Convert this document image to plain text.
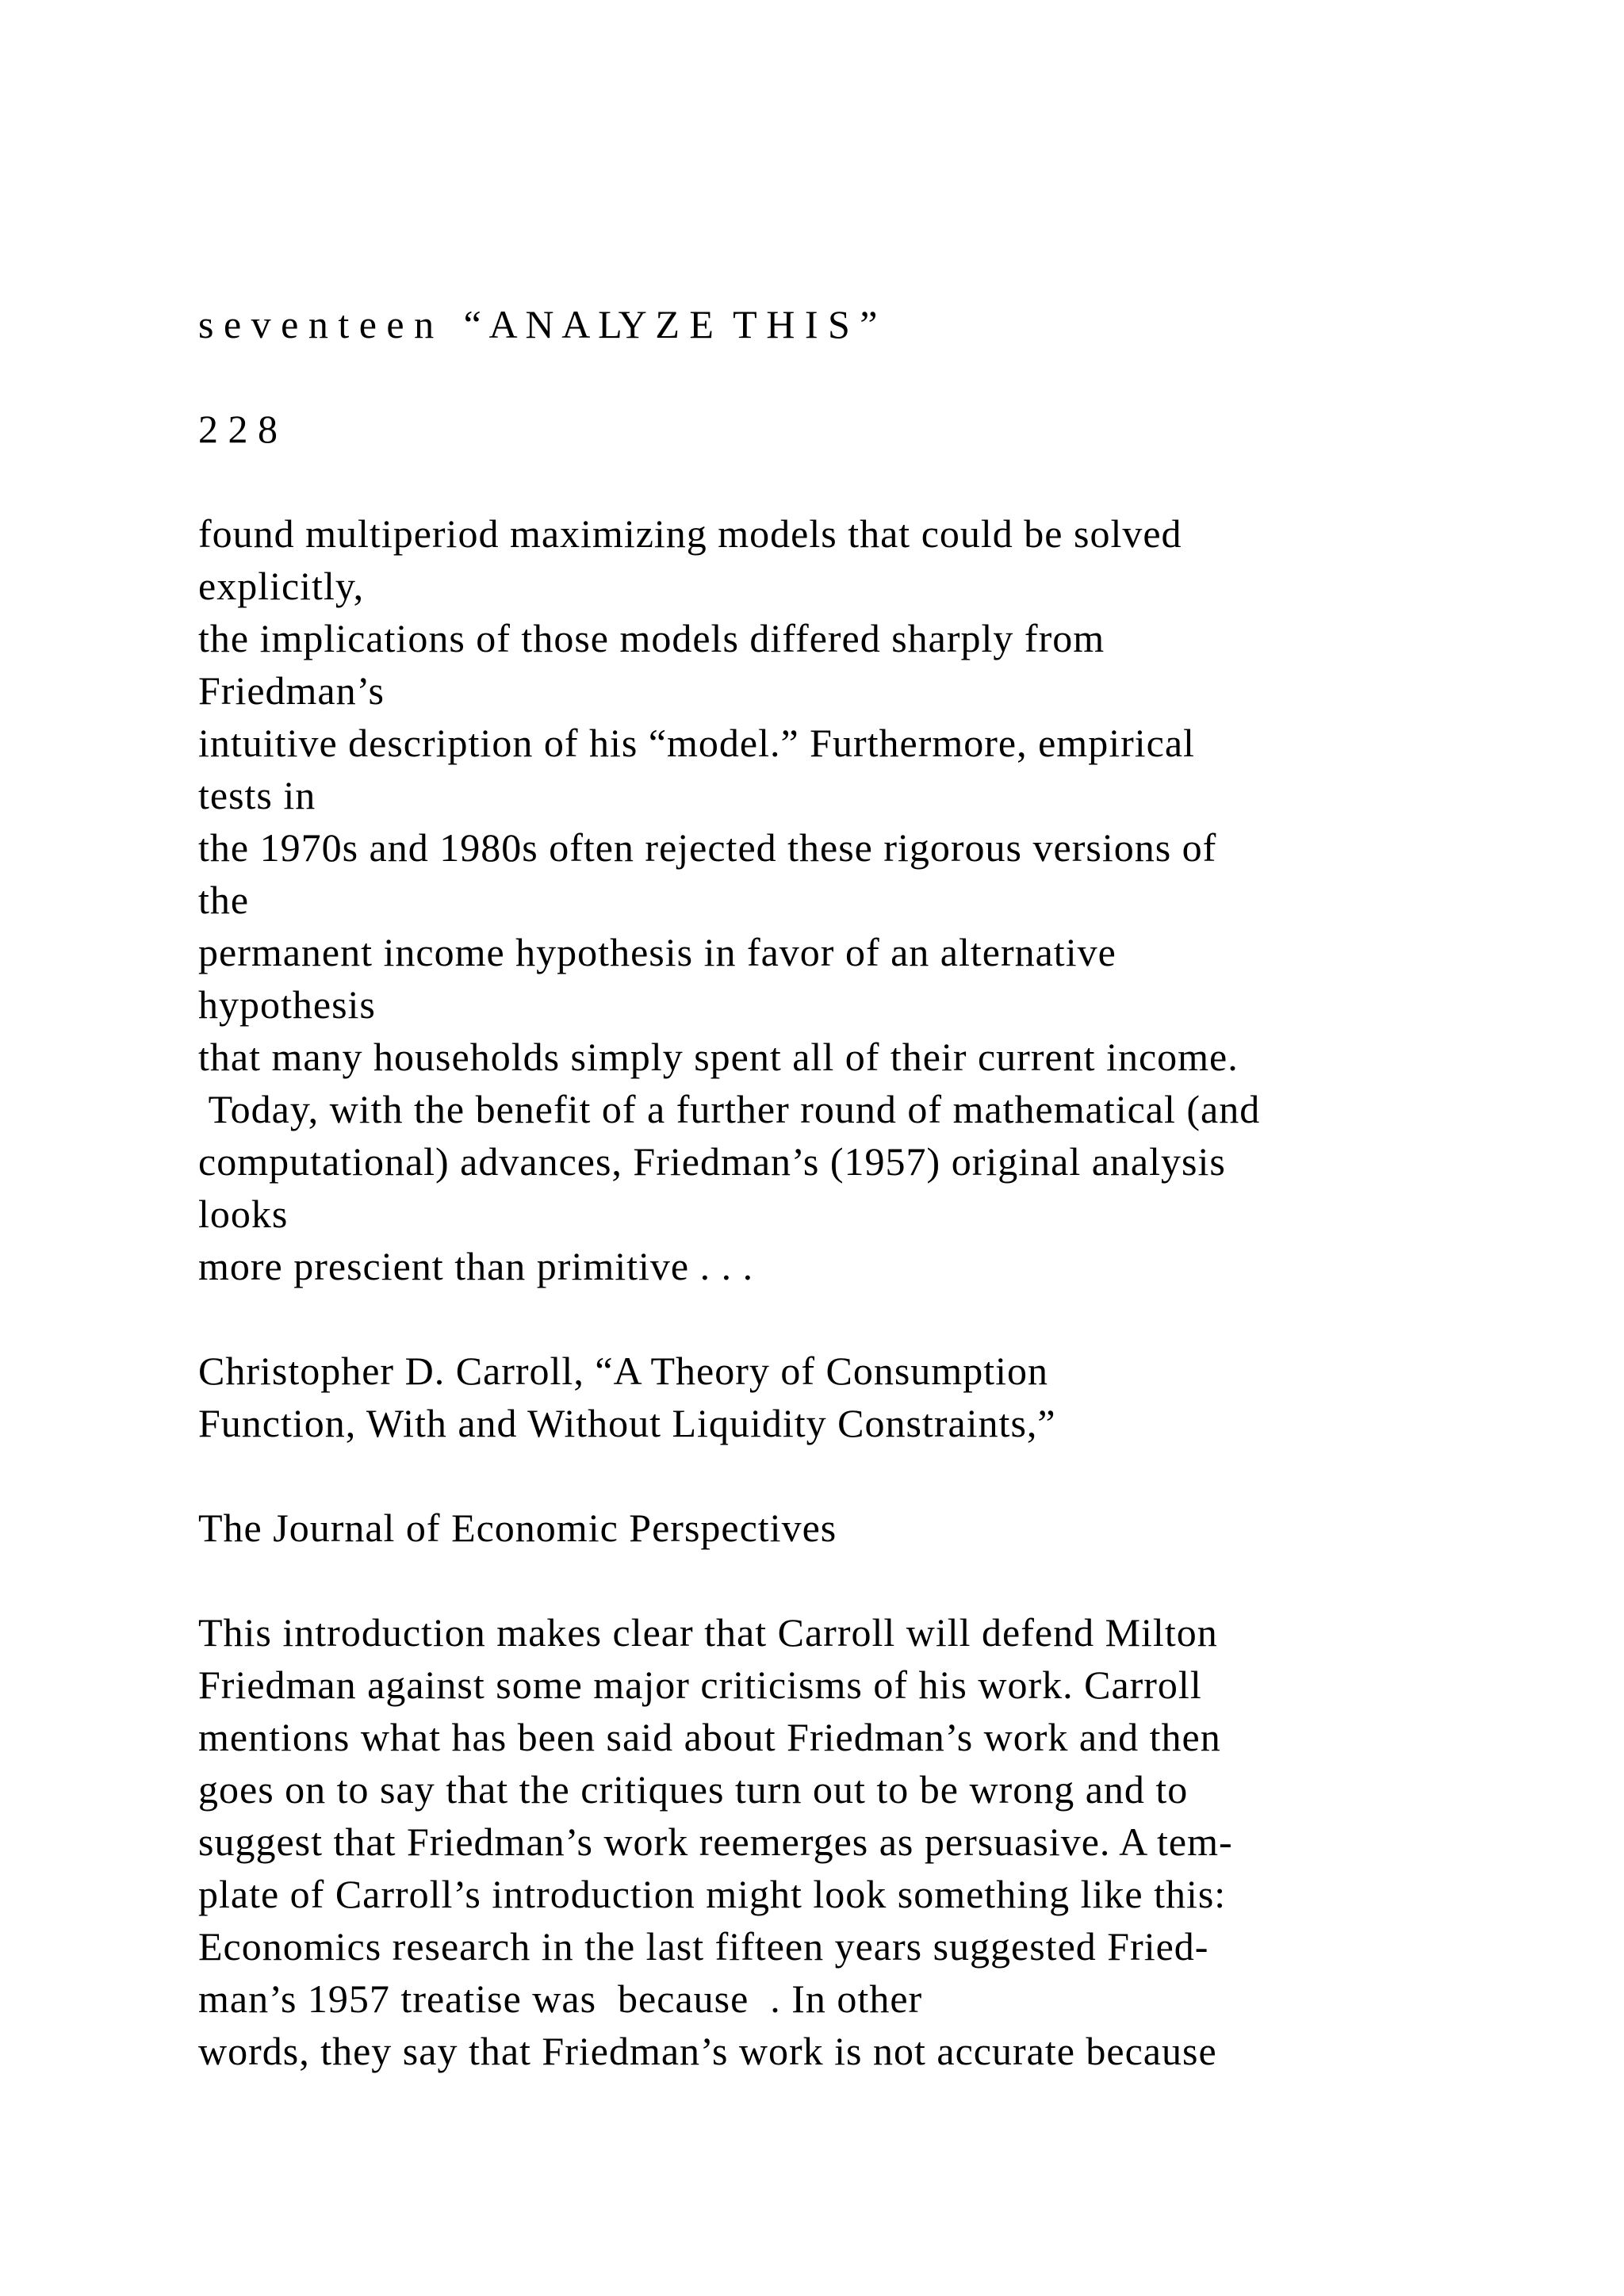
s e v e n t e e n   “ A N A LY Z E  T H I S ”
2 2 8
found multiperiod maximizing models that could be solved
explicitly,
the implications of those models differed sharply from
Friedman’s
intuitive description of his “model.” Furthermore, empirical
tests in
the 1970s and 1980s often rejected these rigorous versions of
the
permanent income hypothesis in favor of an alternative
hypothesis
that many households simply spent all of their current income.
Today, with the benefit of a further round of mathematical (and
computational) advances, Friedman’s (1957) original analysis
looks
more prescient than primitive . . .
Christopher D. Carroll, “A Theory of Consumption
Function, With and Without Liquidity Constraints,”
The Journal of Economic Perspectives
This introduction makes clear that Carroll will defend Milton
Friedman against some major criticisms of his work. Carroll
mentions what has been said about Friedman’s work and then
goes on to say that the critiques turn out to be wrong and to
suggest that Friedman’s work reemerges as persuasive. A tem-
plate of Carroll’s introduction might look something like this:
Economics research in the last fifteen years suggested Fried-
man’s 1957 treatise was  because  . In other
words, they say that Friedman’s work is not accurate because
